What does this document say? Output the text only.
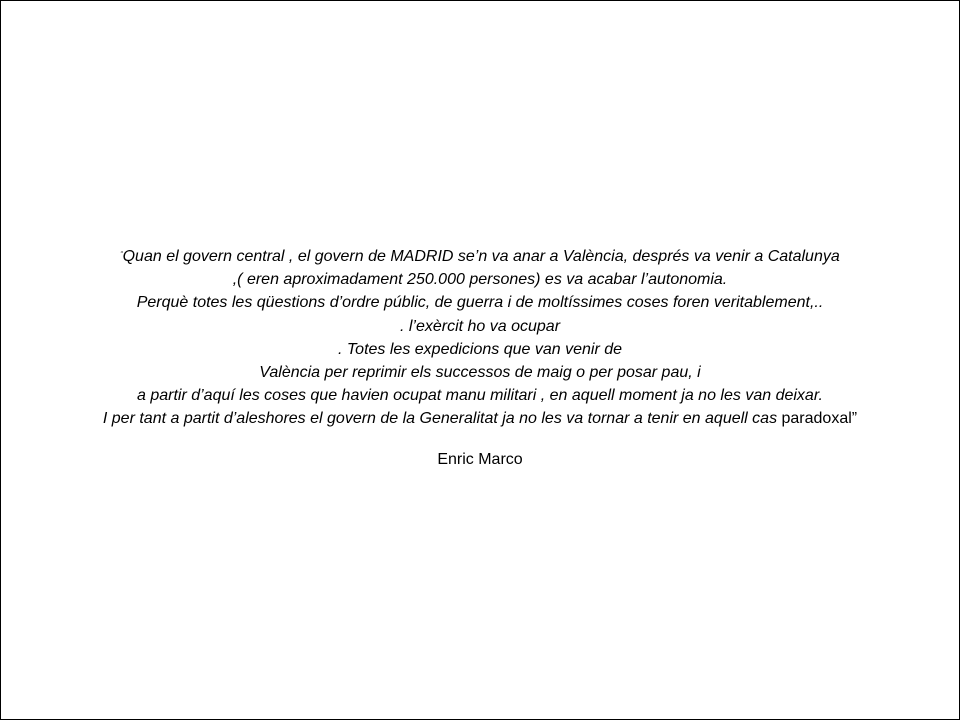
“Quan el govern central , el govern de MADRID se’n va anar a València, després va venir a Catalunya
,( eren aproximadament 250.000 persones) es va acabar l’autonomia.
Perquè totes les qüestions d’ordre públic, de guerra i de moltíssimes coses foren veritablement,..
. l’exèrcit ho va ocupar
. Totes les expedicions que van venir de
València per reprimir els successos de maig o per posar pau, i
a partir d’aquí les coses que havien ocupat manu militari , en aquell moment ja no les van deixar.
I per tant a partit d’aleshores el govern de la Generalitat ja no les va tornar a tenir en aquell cas paradoxal”

Enric Marco
